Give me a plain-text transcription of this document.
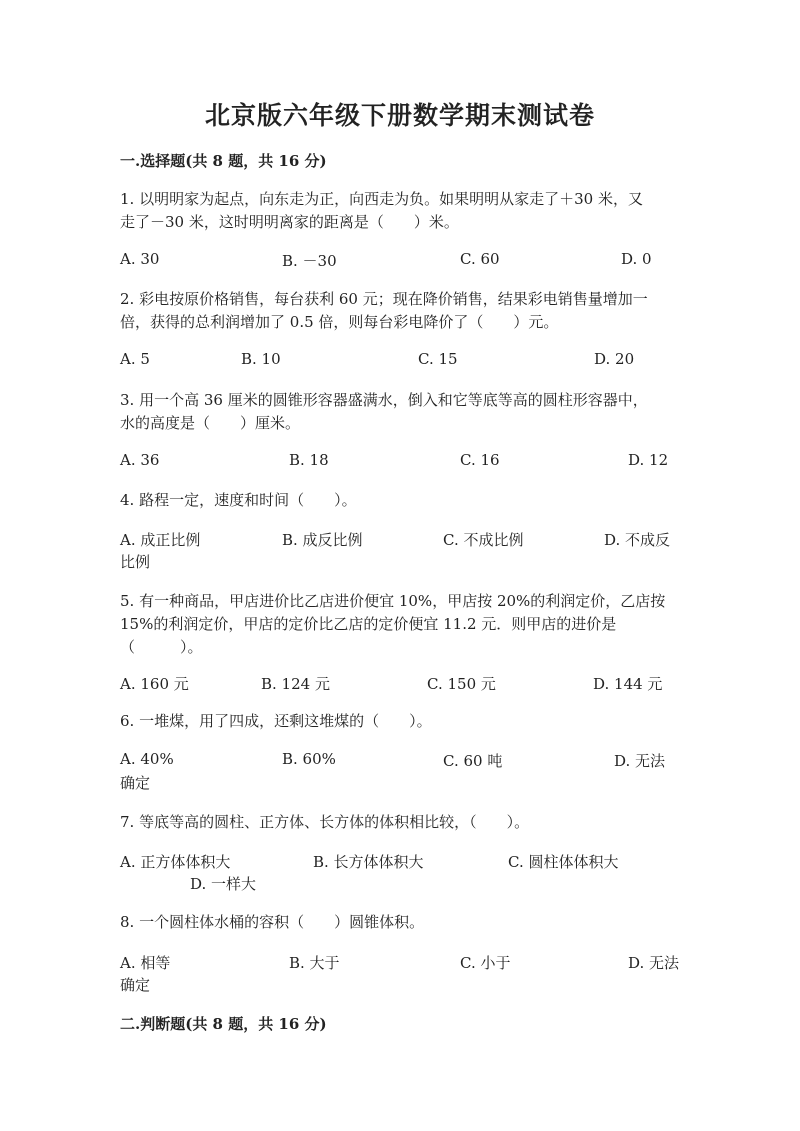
北京版六年级下册数学期末测试卷
一.选择题(共 8 题，共 16 分)
1. 以明明家为起点，向东走为正，向西走为负。如果明明从家走了＋30 米，又
走了－30 米，这时明明离家的距离是（　　）米。
A. 30	B. －30	C. 60	D. 0
2. 彩电按原价格销售，每台获利 60 元；现在降价销售，结果彩电销售量增加一
倍，获得的总利润增加了 0.5 倍，则每台彩电降价了（　　）元。
A. 5	B. 10	C. 15	D. 20
3. 用一个高 36 厘米的圆锥形容器盛满水，倒入和它等底等高的圆柱形容器中，
水的高度是（　　）厘米。
A. 36	B. 18	C. 16	D. 12
4. 路程一定，速度和时间（　　）。
A. 成正比例	B. 成反比例	C. 不成比例	D. 不成反
比例
5. 有一种商品，甲店进价比乙店进价便宜 10%，甲店按 20%的利润定价，乙店按
15%的利润定价，甲店的定价比乙店的定价便宜 11.2 元．则甲店的进价是
（　　　）。
A. 160 元	B. 124 元	C. 150 元	D. 144 元
6. 一堆煤，用了四成，还剩这堆煤的（　　）。
A. 40%	B. 60%	C. 60 吨	D. 无法
确定
7. 等底等高的圆柱、正方体、长方体的体积相比较，（　　）。
A. 正方体体积大	B. 长方体体积大	C. 圆柱体体积大
D. 一样大
8. 一个圆柱体水桶的容积（　　）圆锥体积。
A. 相等	B. 大于	C. 小于	D. 无法
确定
二.判断题(共 8 题，共 16 分)
